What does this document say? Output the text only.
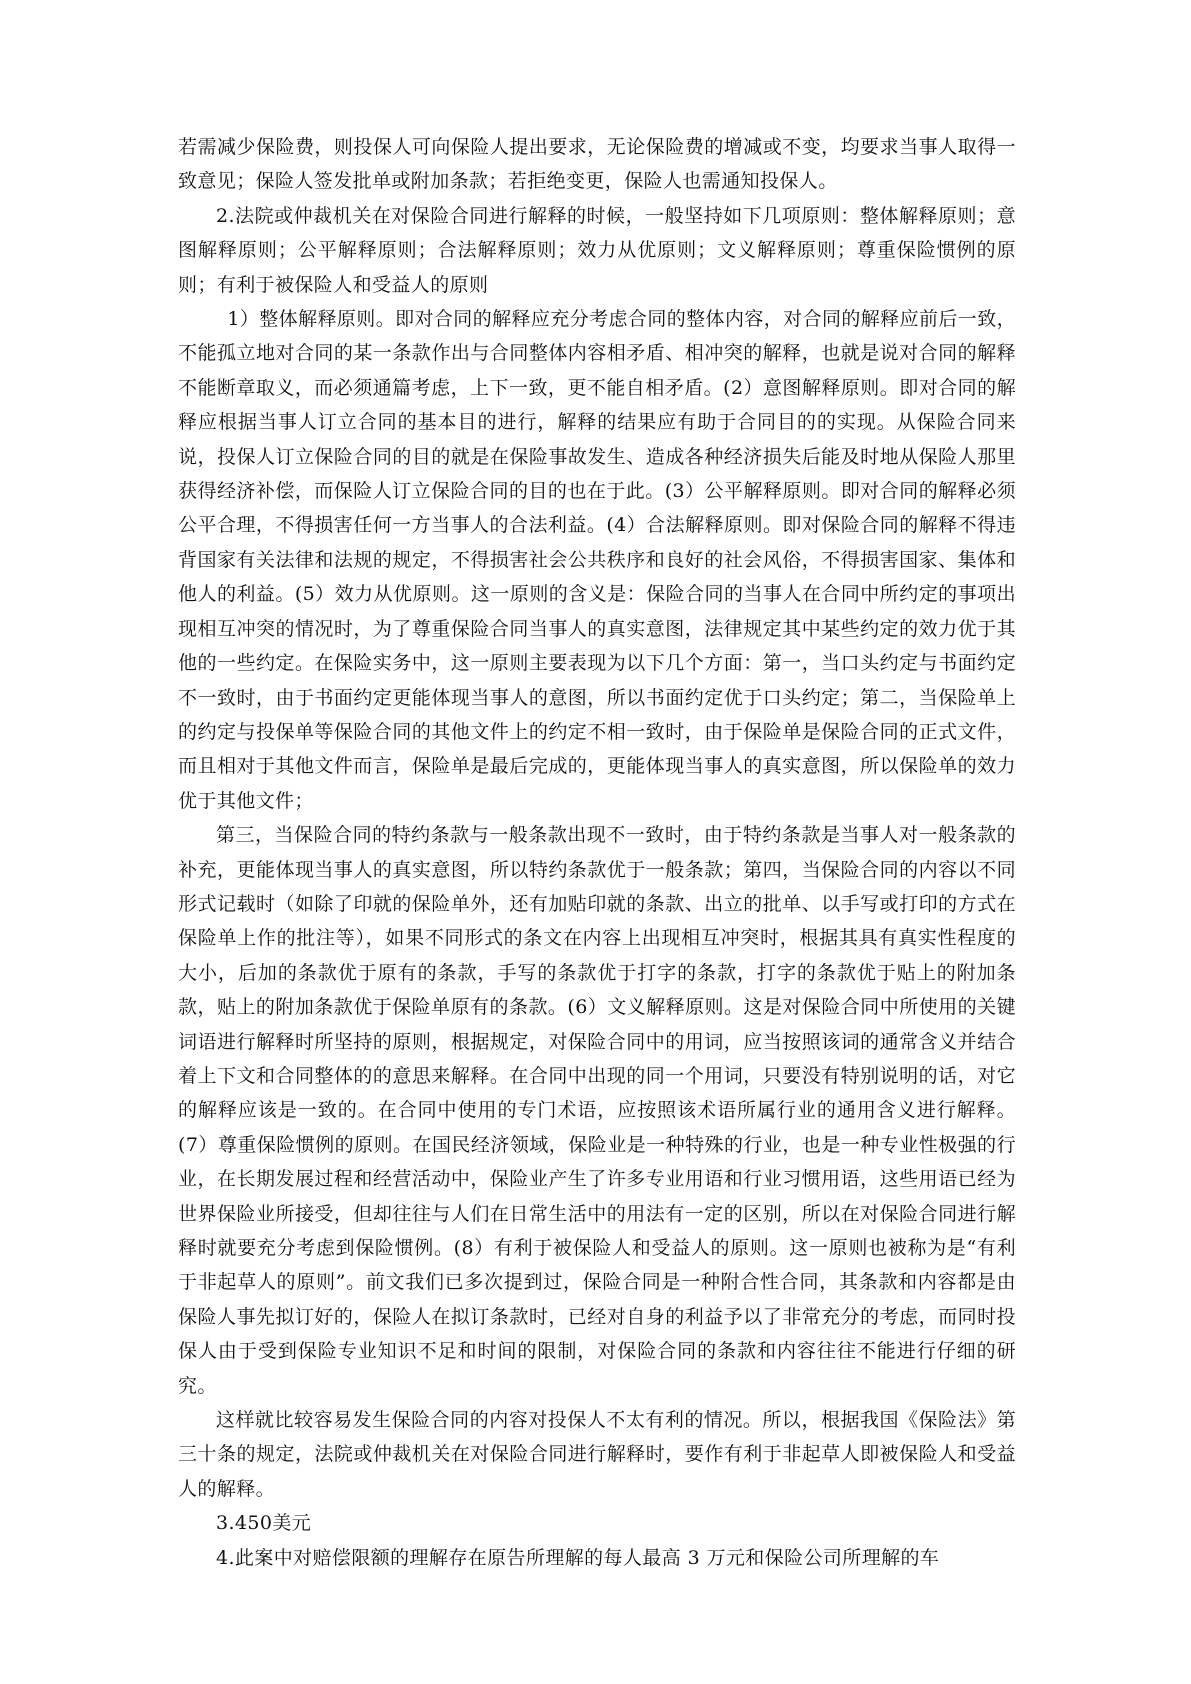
若需减少保险费，则投保人可向保险人提出要求，无论保险费的增减或不变，均要求当事人取得一致意见；保险人签发批单或附加条款；若拒绝变更，保险人也需通知投保人。

2.法院或仲裁机关在对保险合同进行解释的时候，一般坚持如下几项原则：整体解释原则；意图解释原则；公平解释原则；合法解释原则；效力从优原则；文义解释原则；尊重保险惯例的原则；有利于被保险人和受益人的原则

1）整体解释原则。即对合同的解释应充分考虑合同的整体内容，对合同的解释应前后一致，不能孤立地对合同的某一条款作出与合同整体内容相矛盾、相冲突的解释，也就是说对合同的解释不能断章取义，而必须通篇考虑，上下一致，更不能自相矛盾。(2）意图解释原则。即对合同的解释应根据当事人订立合同的基本目的进行，解释的结果应有助于合同目的的实现。从保险合同来说，投保人订立保险合同的目的就是在保险事故发生、造成各种经济损失后能及时地从保险人那里获得经济补偿，而保险人订立保险合同的目的也在于此。(3）公平解释原则。即对合同的解释必须公平合理，不得损害任何一方当事人的合法利益。(4）合法解释原则。即对保险合同的解释不得违背国家有关法律和法规的规定，不得损害社会公共秩序和良好的社会风俗，不得损害国家、集体和他人的利益。(5）效力从优原则。这一原则的含义是：保险合同的当事人在合同中所约定的事项出现相互冲突的情况时，为了尊重保险合同当事人的真实意图，法律规定其中某些约定的效力优于其他的一些约定。在保险实务中，这一原则主要表现为以下几个方面：第一，当口头约定与书面约定不一致时，由于书面约定更能体现当事人的意图，所以书面约定优于口头约定；第二，当保险单上的约定与投保单等保险合同的其他文件上的约定不相一致时，由于保险单是保险合同的正式文件，而且相对于其他文件而言，保险单是最后完成的，更能体现当事人的真实意图，所以保险单的效力优于其他文件；

第三，当保险合同的特约条款与一般条款出现不一致时，由于特约条款是当事人对一般条款的补充，更能体现当事人的真实意图，所以特约条款优于一般条款；第四，当保险合同的内容以不同形式记载时（如除了印就的保险单外，还有加贴印就的条款、出立的批单、以手写或打印的方式在保险单上作的批注等），如果不同形式的条文在内容上出现相互冲突时，根据其具有真实性程度的大小，后加的条款优于原有的条款，手写的条款优于打字的条款，打字的条款优于贴上的附加条款，贴上的附加条款优于保险单原有的条款。(6）文义解释原则。这是对保险合同中所使用的关键词语进行解释时所坚持的原则，根据规定，对保险合同中的用词，应当按照该词的通常含义并结合着上下文和合同整体的的意思来解释。在合同中出现的同一个用词，只要没有特别说明的话，对它的解释应该是一致的。在合同中使用的专门术语，应按照该术语所属行业的通用含义进行解释。(7）尊重保险惯例的原则。在国民经济领域，保险业是一种特殊的行业，也是一种专业性极强的行业，在长期发展过程和经营活动中，保险业产生了许多专业用语和行业习惯用语，这些用语已经为世界保险业所接受，但却往往与人们在日常生活中的用法有一定的区别，所以在对保险合同进行解释时就要充分考虑到保险惯例。(8）有利于被保险人和受益人的原则。这一原则也被称为是“有利于非起草人的原则”。前文我们已多次提到过，保险合同是一种附合性合同，其条款和内容都是由保险人事先拟订好的，保险人在拟订条款时，已经对自身的利益予以了非常充分的考虑，而同时投保人由于受到保险专业知识不足和时间的限制，对保险合同的条款和内容往往不能进行仔细的研究。

这样就比较容易发生保险合同的内容对投保人不太有利的情况。所以，根据我国《保险法》第三十条的规定，法院或仲裁机关在对保险合同进行解释时，要作有利于非起草人即被保险人和受益人的解释。

3.450美元

4.此案中对赔偿限额的理解存在原告所理解的每人最高 3 万元和保险公司所理解的车
